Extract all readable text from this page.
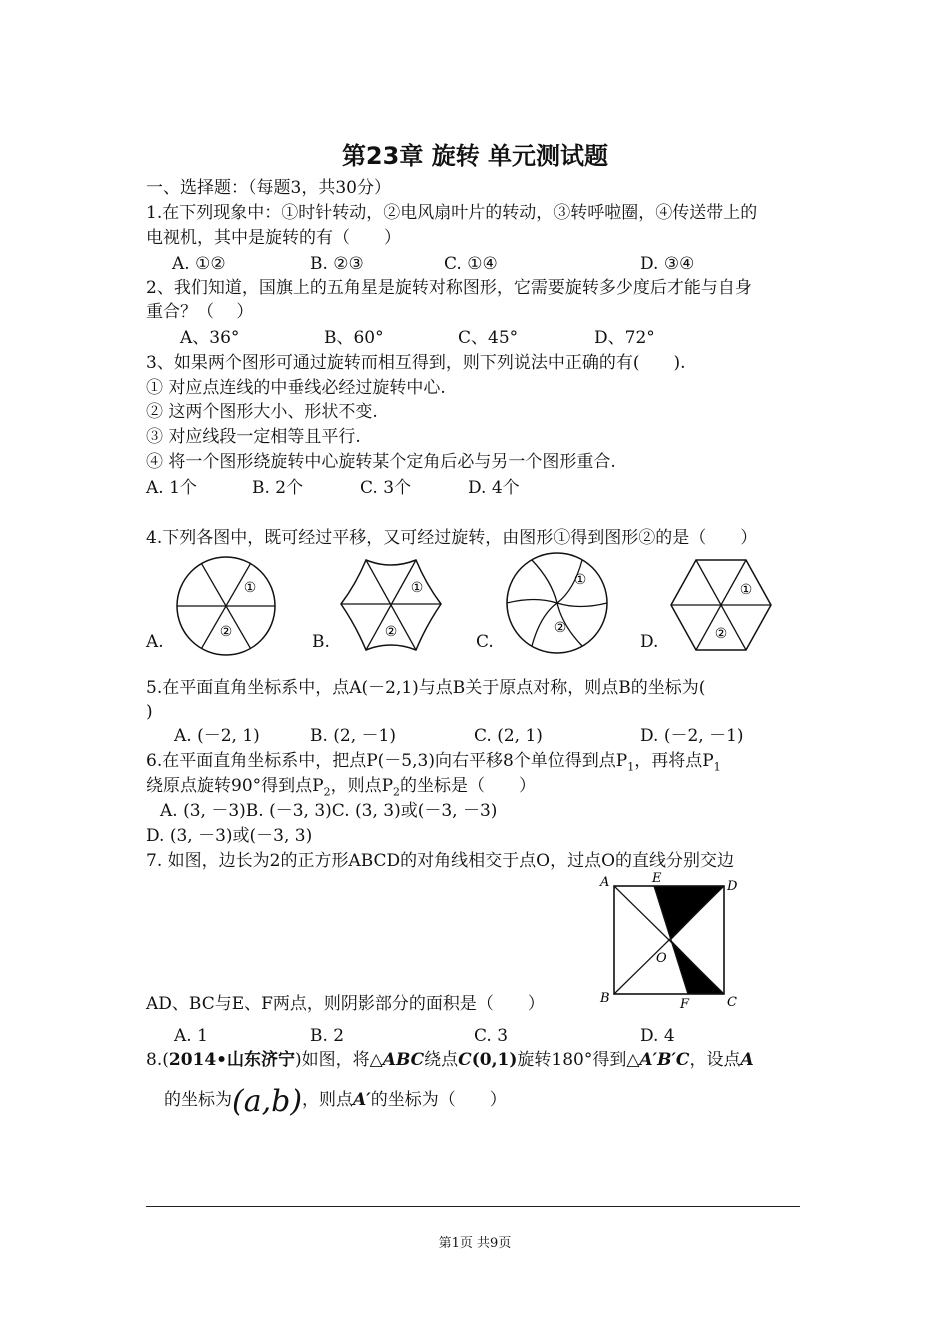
第23章 旋转 单元测试题
一、选择题：（每题3，共30分）
1.在下列现象中：①时针转动，②电风扇叶片的转动，③转呼啦圈，④传送带上的
电视机，其中是旋转的有（　　）
A. ①②	B. ②③	C. ①④	D. ③④
2、我们知道，国旗上的五角星是旋转对称图形，它需要旋转多少度后才能与自身
重合？（　 ）
A、36°	B、60°	C、45°	D、72°
3、如果两个图形可通过旋转而相互得到，则下列说法中正确的有(　　).
① 对应点连线的中垂线必经过旋转中心.
② 这两个图形大小、形状不变.
③ 对应线段一定相等且平行.
④ 将一个图形绕旋转中心旋转某个定角后必与另一个图形重合.
A. 1个	B. 2个	C. 3个	D. 4个
4.下列各图中，既可经过平移，又可经过旋转，由图形①得到图形②的是（　　）
A.	B.	C.	D.
①
②
①
②
①
②
①
②
5.在平面直角坐标系中，点A(－2,1)与点B关于原点对称，则点B的坐标为(
)
A. (－2, 1)	B. (2, －1)	C. (2, 1)	D. (－2, －1)
6.在平面直角坐标系中，把点P(－5,3)向右平移8个单位得到点$P_1$，再将点$P_1$
绕原点旋转90°得到点$P_2$，则点$P_2$的坐标是（　　）
A. (3, －3)B. (－3, 3)C. (3, 3)或(－3, －3)
D. (3, －3)或(－3, 3)
7. 如图，边长为2的正方形ABCD的对角线相交于点O，过点O的直线分别交边
A	E
D
O
B	F	C
AD、BC与E、F两点，则阴影部分的面积是（　　）
A. 1	B. 2	C. 3	D. 4
8.(2014•山东济宁)如图，将△ABC绕点C(0,1)旋转180°得到△A′B′C，设点A
的坐标为(a,b)，则点A′的坐标为（　　）
第1页 共9页
